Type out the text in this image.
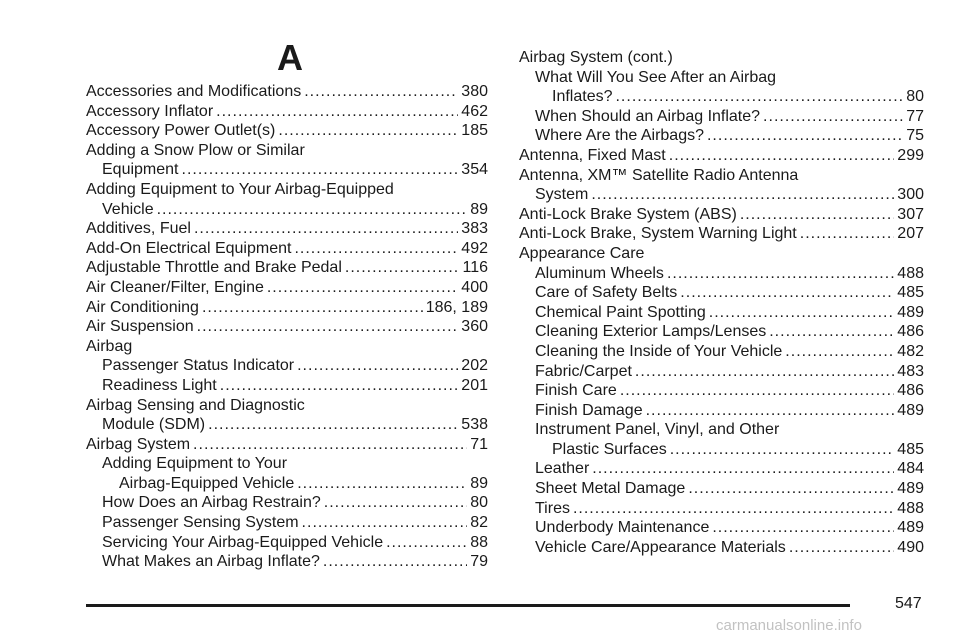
A
Accessories and Modifications .....	380
Accessory Inflator .....	462
Accessory Power Outlet(s) .....	185
Adding a Snow Plow or Similar
Equipment .....	354
Adding Equipment to Your Airbag-Equipped
Vehicle .....	89
Additives, Fuel .....	383
Add-On Electrical Equipment .....	492
Adjustable Throttle and Brake Pedal .....	116
Air Cleaner/Filter, Engine .....	400
Air Conditioning .....	186, 189
Air Suspension .....	360
Airbag
Passenger Status Indicator .....	202
Readiness Light .....	201
Airbag Sensing and Diagnostic
Module (SDM) .....	538
Airbag System .....	71
Adding Equipment to Your
Airbag-Equipped Vehicle .....	89
How Does an Airbag Restrain? .....	80
Passenger Sensing System .....	82
Servicing Your Airbag-Equipped Vehicle .....	88
What Makes an Airbag Inflate? .....	79
Airbag System (cont.)
What Will You See After an Airbag
Inflates? .....	80
When Should an Airbag Inflate? .....	77
Where Are the Airbags? .....	75
Antenna, Fixed Mast .....	299
Antenna, XM™ Satellite Radio Antenna
System .....	300
Anti-Lock Brake System (ABS) .....	307
Anti-Lock Brake, System Warning Light .....	207
Appearance Care
Aluminum Wheels .....	488
Care of Safety Belts .....	485
Chemical Paint Spotting .....	489
Cleaning Exterior Lamps/Lenses .....	486
Cleaning the Inside of Your Vehicle .....	482
Fabric/Carpet .....	483
Finish Care .....	486
Finish Damage .....	489
Instrument Panel, Vinyl, and Other
Plastic Surfaces .....	485
Leather .....	484
Sheet Metal Damage .....	489
Tires .....	488
Underbody Maintenance .....	489
Vehicle Care/Appearance Materials .....	490
547
carmanualsonline.info
